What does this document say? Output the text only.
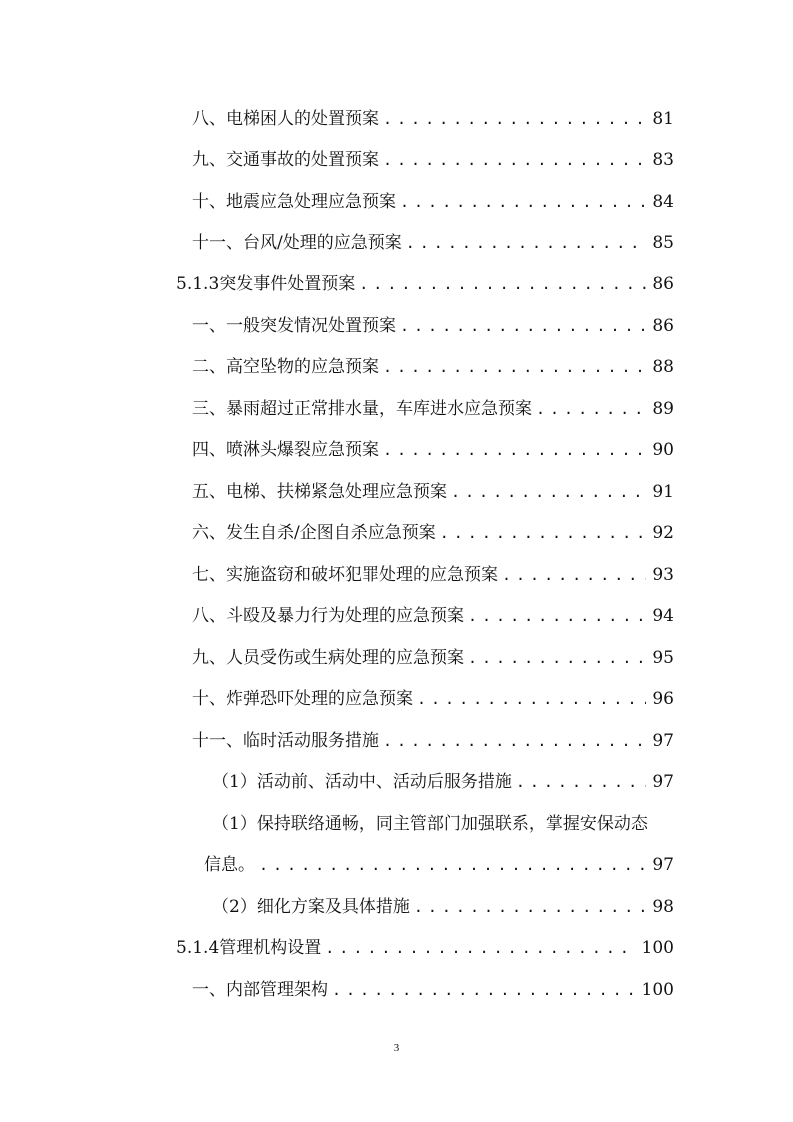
八、电梯困人的处置预案 .....	81
九、交通事故的处置预案 .....	83
十、地震应急处理应急预案 .....	84
十一、台风/处理的应急预案 .....	85
5.1.3突发事件处置预案 .....	86
一、一般突发情况处置预案 .....	86
二、高空坠物的应急预案 .....	88
三、暴雨超过正常排水量，车库进水应急预案 .....	89
四、喷淋头爆裂应急预案 .....	90
五、电梯、扶梯紧急处理应急预案 .....	91
六、发生自杀/企图自杀应急预案 .....	92
七、实施盗窃和破坏犯罪处理的应急预案 .....	93
八、斗殴及暴力行为处理的应急预案 .....	94
九、人员受伤或生病处理的应急预案 .....	95
十、炸弹恐吓处理的应急预案 .....	96
十一、临时活动服务措施 .....	97
（1）活动前、活动中、活动后服务措施 .....	97
（1）保持联络通畅，同主管部门加强联系，掌握安保动态
信息。 .....	97
（2）细化方案及具体措施 .....	98
5.1.4管理机构设置 .....	100
一、内部管理架构 .....	100
3
